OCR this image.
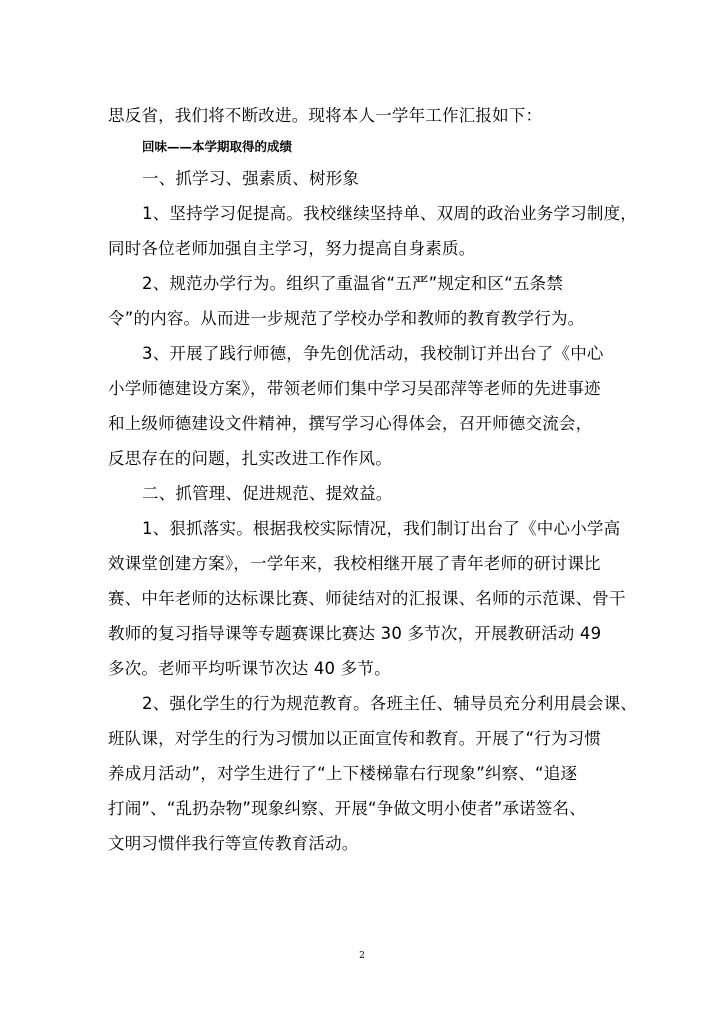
思反省，我们将不断改进。现将本人一学年工作汇报如下：
回味——本学期取得的成绩
一、抓学习、强素质、树形象
1、坚持学习促提高。我校继续坚持单、双周的政治业务学习制度，
同时各位老师加强自主学习，努力提高自身素质。
2、规范办学行为。组织了重温省“五严”规定和区“五条禁
令”的内容。从而进一步规范了学校办学和教师的教育教学行为。
3、开展了践行师德，争先创优活动，我校制订并出台了《中心
小学师德建设方案》，带领老师们集中学习吴邵萍等老师的先进事迹
和上级师德建设文件精神，撰写学习心得体会，召开师德交流会，
反思存在的问题，扎实改进工作作风。
二、抓管理、促进规范、提效益。
1、狠抓落实。根据我校实际情况，我们制订出台了《中心小学高
效课堂创建方案》，一学年来，我校相继开展了青年老师的研讨课比
赛、中年老师的达标课比赛、师徒结对的汇报课、名师的示范课、骨干
教师的复习指导课等专题赛课比赛达 30 多节次，开展教研活动 49
多次。老师平均听课节次达 40 多节。
2、强化学生的行为规范教育。各班主任、辅导员充分利用晨会课、
班队课，对学生的行为习惯加以正面宣传和教育。开展了“行为习惯
养成月活动”，对学生进行了“上下楼梯靠右行现象”纠察、“追逐
打闹”、“乱扔杂物”现象纠察、开展“争做文明小使者”承诺签名、
文明习惯伴我行等宣传教育活动。
2
